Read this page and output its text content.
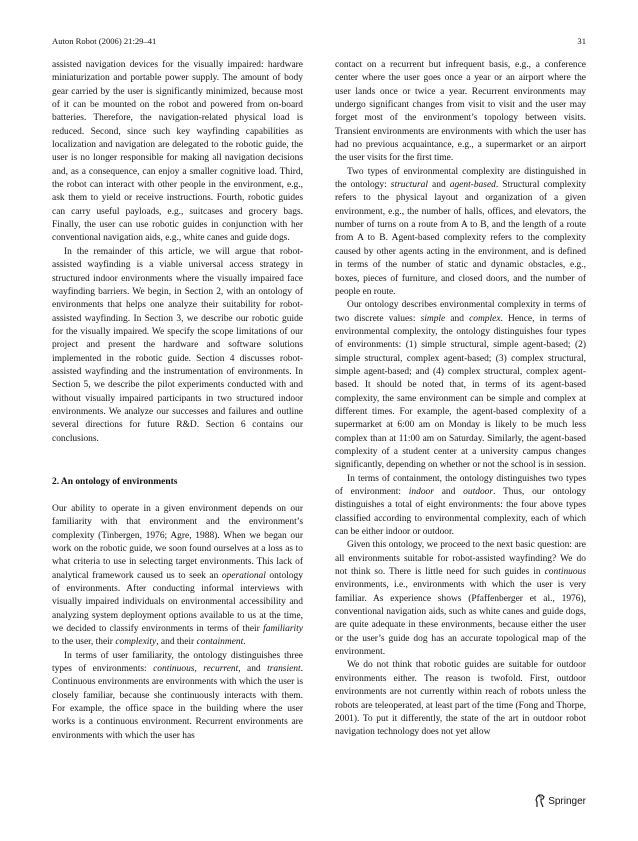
Auton Robot (2006) 21:29–41	31

assisted navigation devices for the visually impaired: hardware miniaturization and portable power supply. The amount of body gear carried by the user is significantly minimized, because most of it can be mounted on the robot and powered from on-board batteries. Therefore, the navigation-related physical load is reduced. Second, since such key wayfinding capabilities as localization and navigation are delegated to the robotic guide, the user is no longer responsible for making all navigation decisions and, as a consequence, can enjoy a smaller cognitive load. Third, the robot can interact with other people in the environment, e.g., ask them to yield or receive instructions. Fourth, robotic guides can carry useful payloads, e.g., suitcases and grocery bags. Finally, the user can use robotic guides in conjunction with her conventional navigation aids, e.g., white canes and guide dogs.

In the remainder of this article, we will argue that robot-assisted wayfinding is a viable universal access strategy in structured indoor environments where the visually impaired face wayfinding barriers. We begin, in Section 2, with an ontology of environments that helps one analyze their suitability for robot-assisted wayfinding. In Section 3, we describe our robotic guide for the visually impaired. We specify the scope limitations of our project and present the hardware and software solutions implemented in the robotic guide. Section 4 discusses robot-assisted wayfinding and the instrumentation of environments. In Section 5, we describe the pilot experiments conducted with and without visually impaired participants in two structured indoor environments. We analyze our successes and failures and outline several directions for future R&D. Section 6 contains our conclusions.

2. An ontology of environments

Our ability to operate in a given environment depends on our familiarity with that environment and the environment’s complexity (Tinbergen, 1976; Agre, 1988). When we began our work on the robotic guide, we soon found ourselves at a loss as to what criteria to use in selecting target environments. This lack of analytical framework caused us to seek an operational ontology of environments. After conducting informal interviews with visually impaired individuals on environmental accessibility and analyzing system deployment options available to us at the time, we decided to classify environments in terms of their familiarity to the user, their complexity, and their containment.

In terms of user familiarity, the ontology distinguishes three types of environments: continuous, recurrent, and transient. Continuous environments are environments with which the user is closely familiar, because she continuously interacts with them. For example, the office space in the building where the user works is a continuous environment. Recurrent environments are environments with which the user has

contact on a recurrent but infrequent basis, e.g., a conference center where the user goes once a year or an airport where the user lands once or twice a year. Recurrent environments may undergo significant changes from visit to visit and the user may forget most of the environment’s topology between visits. Transient environments are environments with which the user has had no previous acquaintance, e.g., a supermarket or an airport the user visits for the first time.

Two types of environmental complexity are distinguished in the ontology: structural and agent-based. Structural complexity refers to the physical layout and organization of a given environment, e.g., the number of halls, offices, and elevators, the number of turns on a route from A to B, and the length of a route from A to B. Agent-based complexity refers to the complexity caused by other agents acting in the environment, and is defined in terms of the number of static and dynamic obstacles, e.g., boxes, pieces of furniture, and closed doors, and the number of people en route.

Our ontology describes environmental complexity in terms of two discrete values: simple and complex. Hence, in terms of environmental complexity, the ontology distinguishes four types of environments: (1) simple structural, simple agent-based; (2) simple structural, complex agent-based; (3) complex structural, simple agent-based; and (4) complex structural, complex agent-based. It should be noted that, in terms of its agent-based complexity, the same environment can be simple and complex at different times. For example, the agent-based complexity of a supermarket at 6:00 am on Monday is likely to be much less complex than at 11:00 am on Saturday. Similarly, the agent-based complexity of a student center at a university campus changes significantly, depending on whether or not the school is in session.

In terms of containment, the ontology distinguishes two types of environment: indoor and outdoor. Thus, our ontology distinguishes a total of eight environments: the four above types classified according to environmental complexity, each of which can be either indoor or outdoor.

Given this ontology, we proceed to the next basic question: are all environments suitable for robot-assisted wayfinding? We do not think so. There is little need for such guides in continuous environments, i.e., environments with which the user is very familiar. As experience shows (Pfaffenberger et al., 1976), conventional navigation aids, such as white canes and guide dogs, are quite adequate in these environments, because either the user or the user’s guide dog has an accurate topological map of the environment.

We do not think that robotic guides are suitable for outdoor environments either. The reason is twofold. First, outdoor environments are not currently within reach of robots unless the robots are teleoperated, at least part of the time (Fong and Thorpe, 2001). To put it differently, the state of the art in outdoor robot navigation technology does not yet allow

Springer
